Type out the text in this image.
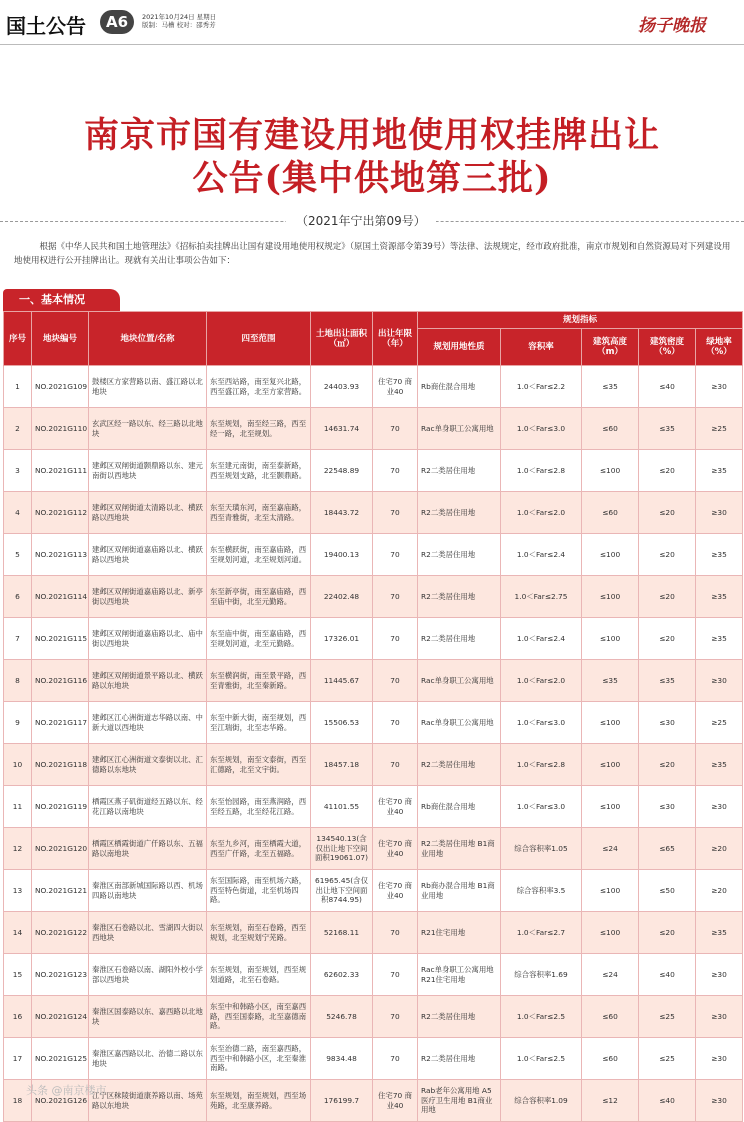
国土公告	A6	2021年10月24日 星期日
版制：马槽 校对：邵秀芳	扬子晚报
南京市国有建设用地使用权挂牌出让
公告(集中供地第三批)
（2021年宁出第09号）
根据《中华人民共和国土地管理法》《招标拍卖挂牌出让国有建设用地使用权规定》（原国土资源部令第39号）等法律、法规规定，经市政府批准，南京市规划和自然资源局对下列建设用地使用权进行公开挂牌出让。现就有关出让事项公告如下：
一、基本情况
序号	地块编号	地块位置/名称	四至范围	土地出让面积（㎡）	出让年限（年）	规划指标				
						规划用地性质	容积率	建筑高度（m）	建筑密度（%）	绿地率（%）
1	NO.2021G109	鼓楼区方家营路以南、盛江路以北地块	东至西站路，南至复兴北路，西至盛江路，北至方家营路。	24403.93	住宅70 商业40	Rb商住混合用地	1.0＜Far≤2.2	≤35	≤40	≥30
2	NO.2021G110	玄武区经一路以东、经三路以北地块	东至规划，南至经三路，西至经一路，北至规划。	14631.74	70	Rac单身职工公寓用地	1.0＜Far≤3.0	≤60	≤35	≥25
3	NO.2021G111	建邺区双闸街道颢鼎路以东、建元南街以西地块	东至建元南街，南至泰新路，西至规划支路，北至颢鼎路。	22548.89	70	R2二类居住用地	1.0＜Far≤2.8	≤100	≤20	≥35
4	NO.2021G112	建邺区双闸街道太清路以北、横跃路以西地块	东至天璜东河，南至嘉庙路，西至青雅街，北至太清路。	18443.72	70	R2二类居住用地	1.0＜Far≤2.0	≤60	≤20	≥30
5	NO.2021G113	建邺区双闸街道嘉庙路以北、横跃路以西地块	东至横跃街，南至嘉庙路，西至规划河道，北至规划河道。	19400.13	70	R2二类居住用地	1.0＜Far≤2.4	≤100	≤20	≥35
6	NO.2021G114	建邺区双闸街道嘉庙路以北、新亭街以西地块	东至新亭街，南至嘉庙路，西至庙中街，北至元勤路。	22402.48	70	R2二类居住用地	1.0＜Far≤2.75	≤100	≤20	≥35
7	NO.2021G115	建邺区双闸街道嘉庙路以北、庙中街以西地块	东至庙中街，南至嘉庙路，西至规划河道，北至元勤路。	17326.01	70	R2二类居住用地	1.0＜Far≤2.4	≤100	≤20	≥35
8	NO.2021G116	建邺区双闸街道景平路以北、横跃路以东地块	东至横润街，南至景平路，西至青雅街，北至秦新路。	11445.67	70	Rac单身职工公寓用地	1.0＜Far≤2.0	≤35	≤35	≥30
9	NO.2021G117	建邺区江心洲街道志华路以南、中新大道以西地块	东至中新大街，南至规划，西至江瑞街，北至志华路。	15506.53	70	Rac单身职工公寓用地	1.0＜Far≤3.0	≤100	≤30	≥25
10	NO.2021G118	建邺区江心洲街道文泰街以北、汇德路以东地块	东至规划，南至文泰街，西至汇德路，北至文宇街。	18457.18	70	R2二类居住用地	1.0＜Far≤2.8	≤100	≤20	≥35
11	NO.2021G119	栖霞区燕子矶街道经五路以东、经花江路以南地块	东至怡园路，南至燕润路，西至经五路，北至经花江路。	41101.55	住宅70 商业40	Rb商住混合用地	1.0＜Far≤3.0	≤100	≤30	≥30
12	NO.2021G120	栖霞区栖霞街道广仟路以东、五福路以南地块	东至九乡河，南至栖霞大道，西至广仟路，北至五福路。	134540.13(含仅出让地下空间面积19061.07)	住宅70 商业40	R2二类居住用地 B1商业用地	综合容积率1.05	≤24	≤65	≥20
13	NO.2021G121	秦淮区南部新城国际路以西、机场四路以南地块	东至国际路，南至机场六路，西至特色街道，北至机场四路。	61965.45(含仅出让地下空间面积8744.95)	住宅70 商业40	Rb商办混合用地 B1商业用地	综合容积率3.5	≤100	≤50	≥20
14	NO.2021G122	秦淮区石卷路以北、雪湖四大街以西地块	东至规划，南至石卷路，西至规划，北至规划宁芜路。	52168.11	70	R21住宅用地	1.0＜Far≤2.7	≤100	≤20	≥35
15	NO.2021G123	秦淮区石卷路以南、湖阳外校小学部以西地块	东至规划，南至规划，西至规划道路，北至石卷路。	62602.33	70	Rac单身职工公寓用地 R21住宅用地	综合容积率1.69	≤24	≤40	≥30
16	NO.2021G124	秦淮区国泰路以东、嘉西路以北地块	东至中和韩路小区，南至嘉西路，西至国泰路，北至嘉德南路。	5246.78	70	R2二类居住用地	1.0＜Far≤2.5	≤60	≤25	≥30
17	NO.2021G125	秦淮区嘉西路以北、治德二路以东地块	东至治德二路，南至嘉西路，西至中和韩路小区，北至秦淮南路。	9834.48	70	R2二类居住用地	1.0＜Far≤2.5	≤60	≤25	≥30
18	NO.2021G126	江宁区秣陵街道康养路以南、场苑路以东地块	东至规划，南至规划，西至场苑路，北至康养路。	176199.7	住宅70 商业40	Rab老年公寓用地 A5医疗卫生用地 B1商业用地	综合容积率1.09	≤12	≤40	≥30
头条 @南京楼市
